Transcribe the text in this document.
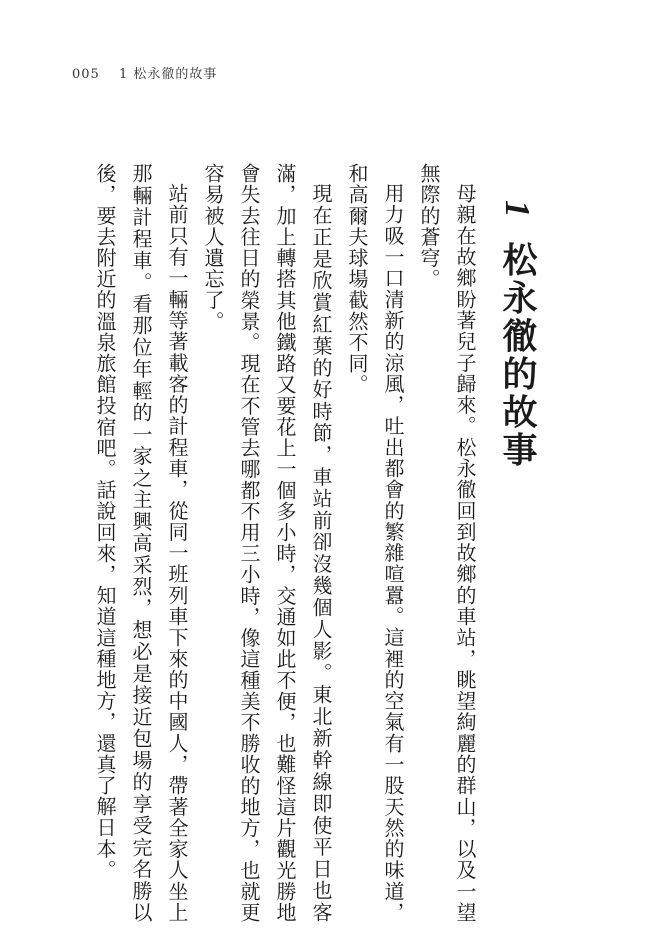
005 1 松永徹的故事
1 松永徹的故事

母親在故鄉盼著兒子歸來。松永徹回到故鄉的車站，眺望絢麗的群山，以及一望無際的蒼穹。

用力吸一口清新的涼風，吐出都會的繁雜喧囂。這裡的空氣有一股天然的味道，和高爾夫球場截然不同。

現在正是欣賞紅葉的好時節，車站前卻沒幾個人影。東北新幹線即使平日也客滿，加上轉搭其他鐵路又要花上一個多小時，交通如此不便，也難怪這片觀光勝地會失去往日的榮景。現在不管去哪都不用三小時，像這種美不勝收的地方，也就更容易被人遺忘了。

站前只有一輛等著載客的計程車，從同一班列車下來的中國人，帶著全家人坐上那輛計程車。看那位年輕的一家之主興高采烈，想必是接近包場的享受完名勝以後，要去附近的溫泉旅館投宿吧。話說回來，知道這種地方，還真了解日本。
